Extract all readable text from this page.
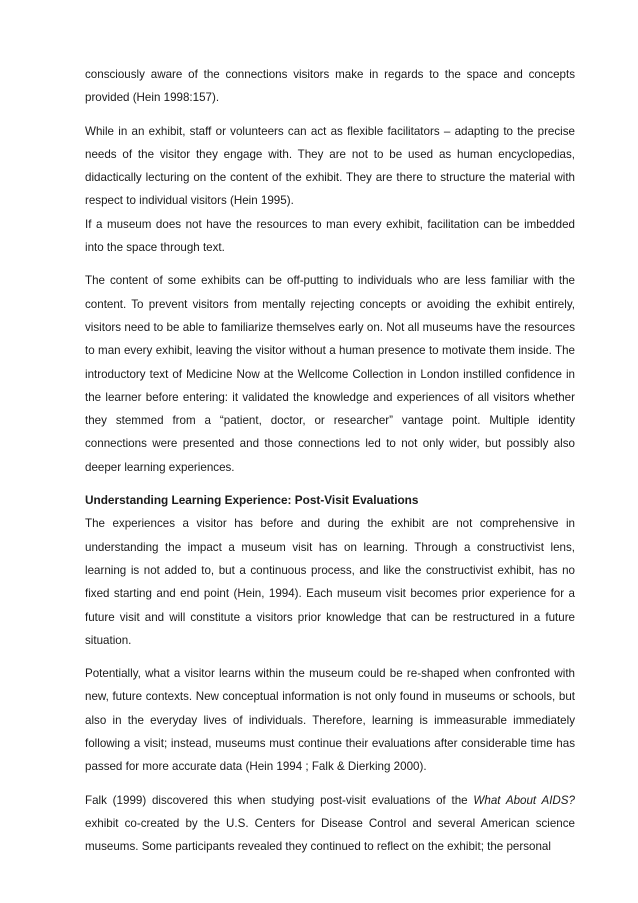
consciously aware of the connections visitors make in regards to the space and concepts provided (Hein 1998:157).

While in an exhibit, staff or volunteers can act as flexible facilitators – adapting to the precise needs of the visitor they engage with. They are not to be used as human encyclopedias, didactically lecturing on the content of the exhibit. They are there to structure the material with respect to individual visitors (Hein 1995).

If a museum does not have the resources to man every exhibit, facilitation can be imbedded into the space through text.

The content of some exhibits can be off-putting to individuals who are less familiar with the content. To prevent visitors from mentally rejecting concepts or avoiding the exhibit entirely, visitors need to be able to familiarize themselves early on. Not all museums have the resources to man every exhibit, leaving the visitor without a human presence to motivate them inside. The introductory text of Medicine Now at the Wellcome Collection in London instilled confidence in the learner before entering: it validated the knowledge and experiences of all visitors whether they stemmed from a “patient, doctor, or researcher” vantage point. Multiple identity connections were presented and those connections led to not only wider, but possibly also deeper learning experiences.

Understanding Learning Experience: Post-Visit Evaluations

The experiences a visitor has before and during the exhibit are not comprehensive in understanding the impact a museum visit has on learning. Through a constructivist lens, learning is not added to, but a continuous process, and like the constructivist exhibit, has no fixed starting and end point (Hein, 1994). Each museum visit becomes prior experience for a future visit and will constitute a visitors prior knowledge that can be restructured in a future situation.

Potentially, what a visitor learns within the museum could be re-shaped when confronted with new, future contexts. New conceptual information is not only found in museums or schools, but also in the everyday lives of individuals. Therefore, learning is immeasurable immediately following a visit; instead, museums must continue their evaluations after considerable time has passed for more accurate data (Hein 1994 ; Falk & Dierking 2000).

Falk (1999) discovered this when studying post-visit evaluations of the What About AIDS? exhibit co-created by the U.S. Centers for Disease Control and several American science museums. Some participants revealed they continued to reflect on the exhibit; the personal
